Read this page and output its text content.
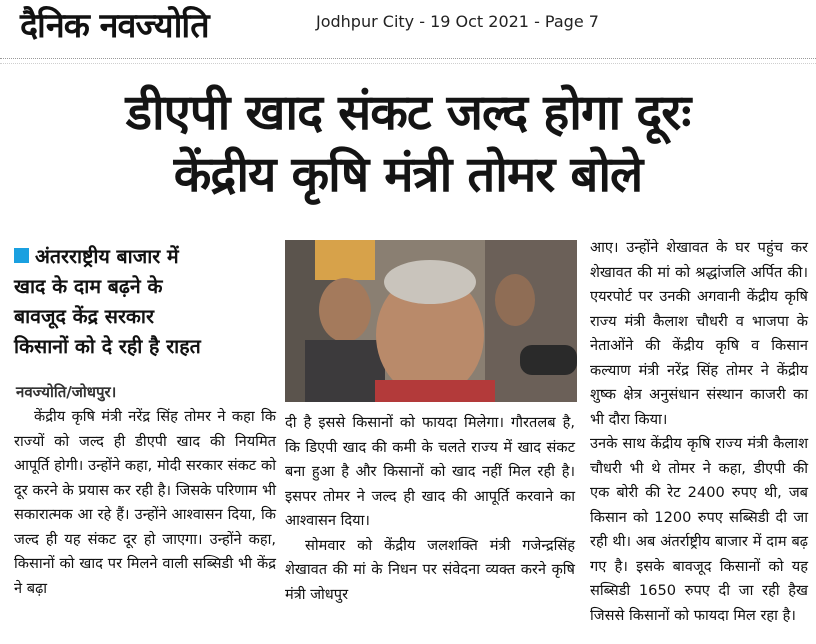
दैनिक नवज्योति	Jodhpur City - 19 Oct 2021 - Page 7
डीएपी खाद संकट जल्द होगा दूरः
केंद्रीय कृषि मंत्री तोमर बोले
अंतरराष्ट्रीय बाजार में
खाद के दाम बढ़ने के
बावजूद केंद्र सरकार
किसानों को दे रही है राहत
नवज्योति/जोधपुर।

केंद्रीय कृषि मंत्री नरेंद्र सिंह तोमर ने कहा कि राज्यों को जल्द ही डीएपी खाद की नियमित आपूर्ति होगी। उन्होंने कहा, मोदी सरकार संकट को दूर करने के प्रयास कर रही है। जिसके परिणाम भी सकारात्मक आ रहे हैं। उन्होंने आश्वासन दिया, कि जल्द ही यह संकट दूर हो जाएगा। उन्होंने कहा, किसानों को खाद पर मिलने वाली सब्सिडी भी केंद्र ने बढ़ा

दी है इससे किसानों को फायदा मिलेगा। गौरतलब है, कि डिएपी खाद की कमी के चलते राज्य में खाद संकट बना हुआ है और किसानों को खाद नहीं मिल रही है। इसपर तोमर ने जल्द ही खाद की आपूर्ति करवाने का आश्वासन दिया।

सोमवार को केंद्रीय जलशक्ति मंत्री गजेन्द्रसिंह शेखावत की मां के निधन पर संवेदना व्यक्त करने कृषि मंत्री जोधपुर

आए। उन्होंने शेखावत के घर पहुंच कर शेखावत की मां को श्रद्धांजलि अर्पित की। एयरपोर्ट पर उनकी अगवानी केंद्रीय कृषि राज्य मंत्री कैलाश चौधरी व भाजपा के नेताओंने की केंद्रीय कृषि व किसान कल्याण मंत्री नरेंद्र सिंह तोमर ने केंद्रीय शुष्क क्षेत्र अनुसंधान संस्थान काजरी का भी दौरा किया।

उनके साथ केंद्रीय कृषि राज्य मंत्री कैलाश चौधरी भी थे तोमर ने कहा, डीएपी की एक बोरी की रेट 2400 रुपए थी, जब किसान को 1200 रुपए सब्सिडी दी जा रही थी। अब अंतर्राष्ट्रीय बाजार में दाम बढ़ गए है। इसके बावजूद किसानों को यह सब्सिडी 1650 रुपए दी जा रही हैख जिससे किसानों को फायदा मिल रहा है।
